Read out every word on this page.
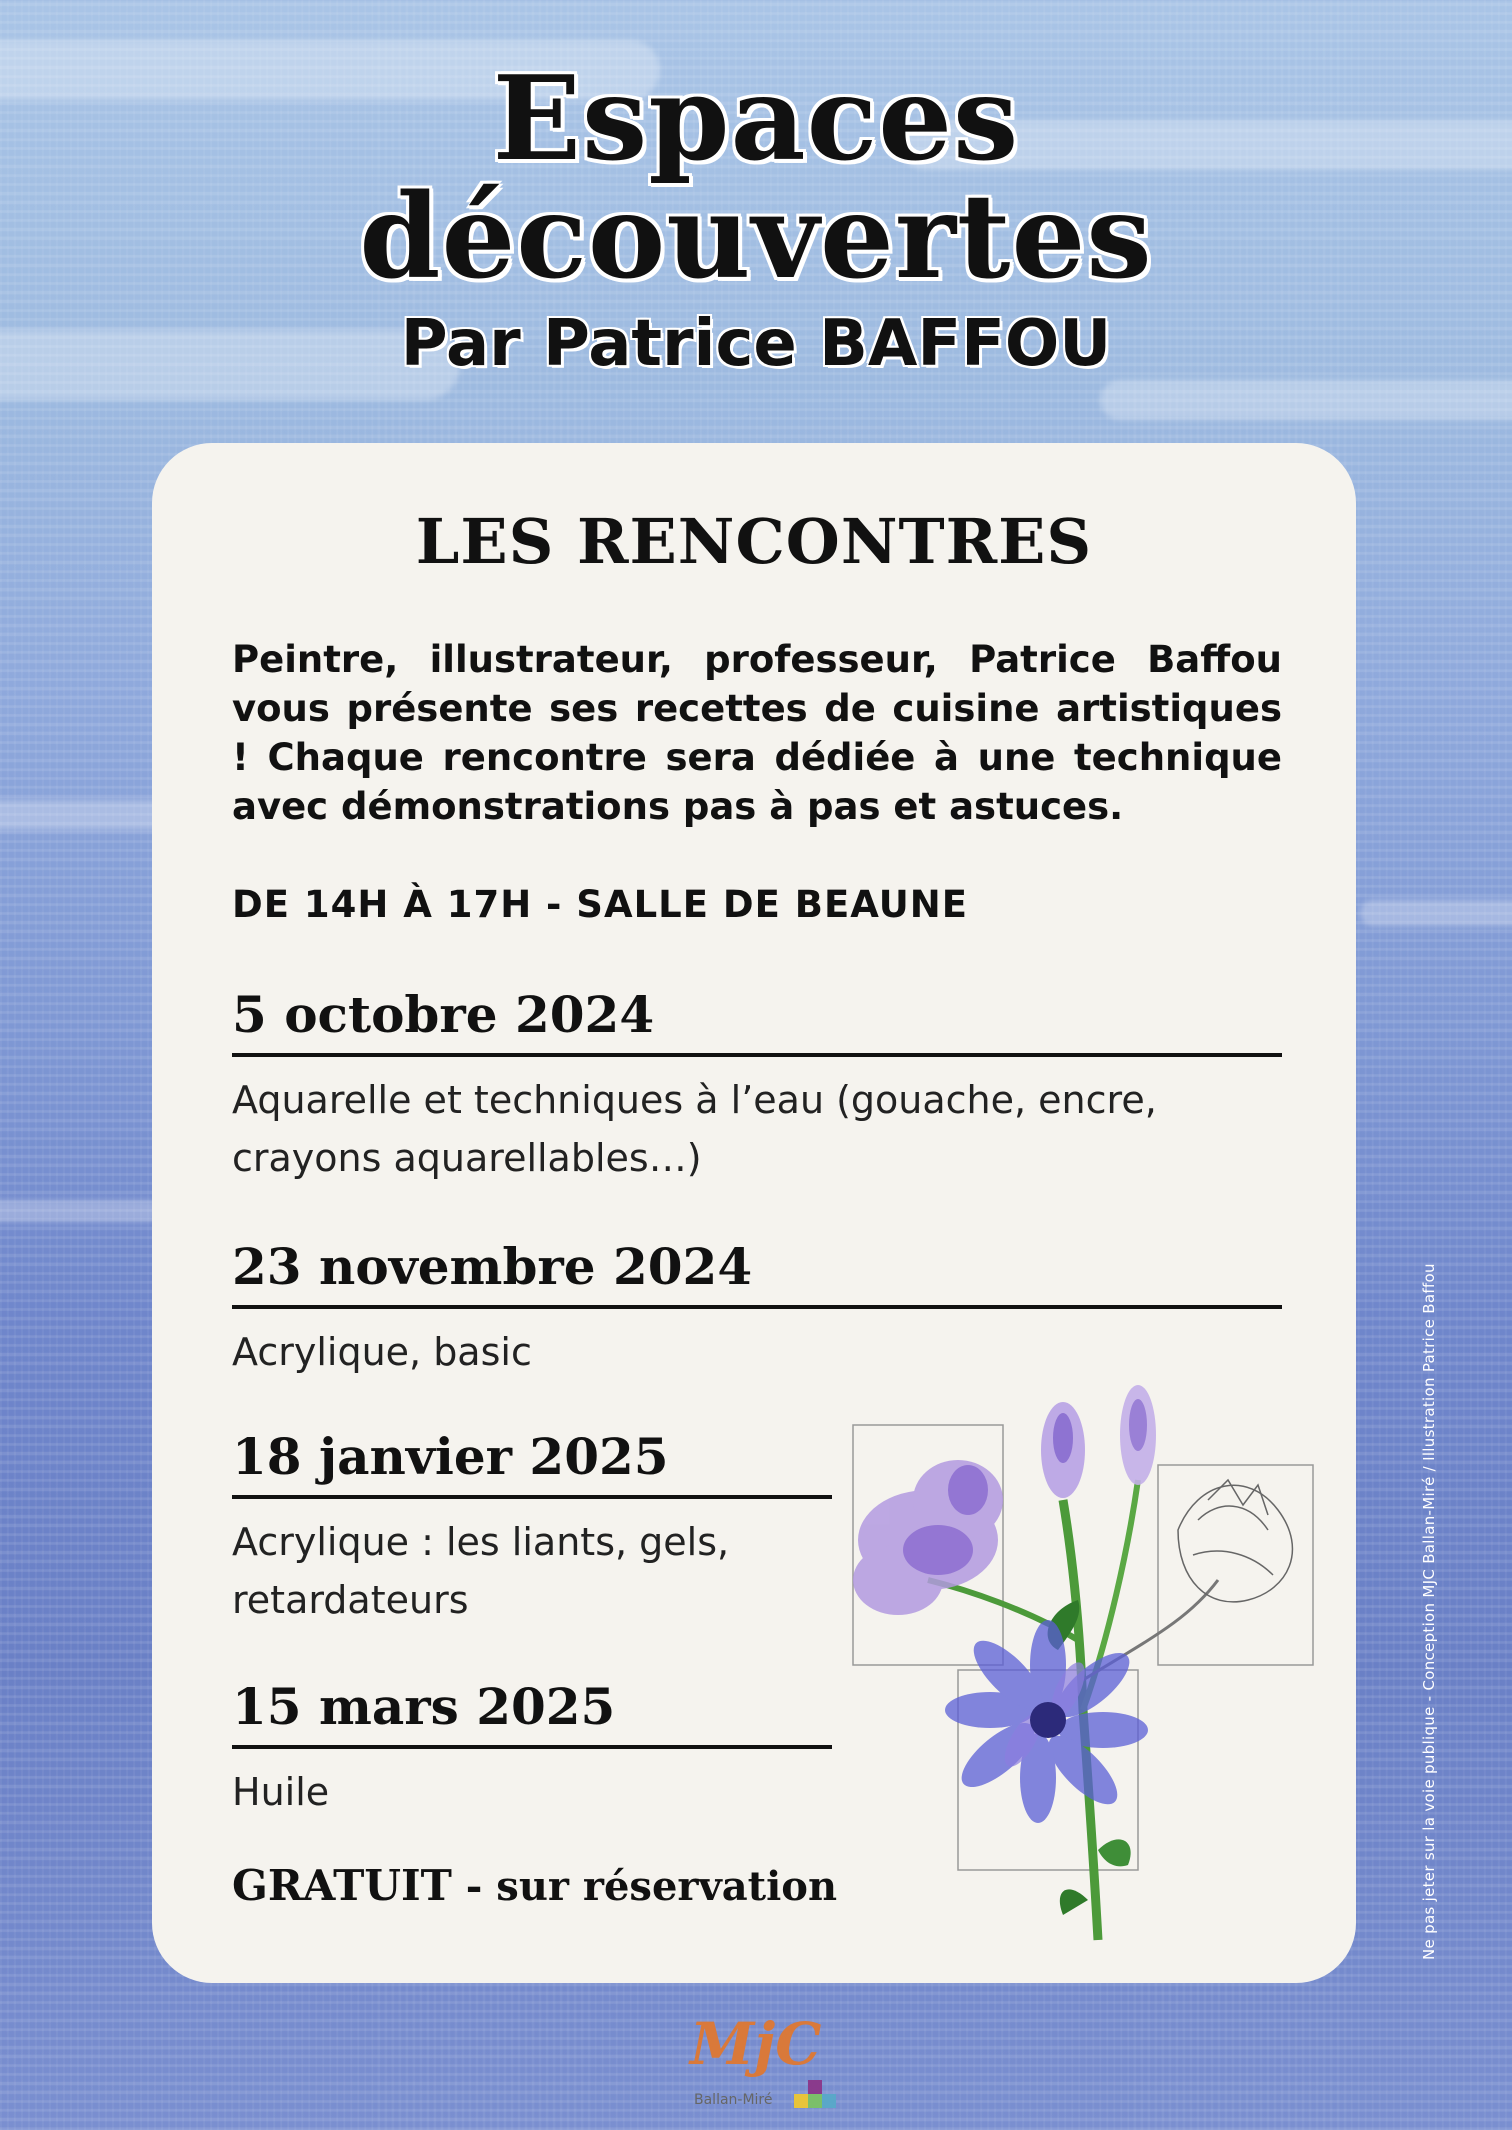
Espaces
découvertes
Par Patrice BAFFOU
LES RENCONTRES
Peintre, illustrateur, professeur, Patrice Baffou vous présente ses recettes de cuisine artistiques ! Chaque rencontre sera dédiée à une technique avec démonstrations pas à pas et astuces.
DE 14H À 17H - SALLE DE BEAUNE
5 octobre 2024
Aquarelle et techniques à l’eau (gouache, encre, crayons aquarellables…)
23 novembre 2024
Acrylique, basic
18 janvier 2025
Acrylique : les liants, gels, retardateurs
15 mars 2025
Huile
GRATUIT - sur réservation	Ne pas jeter sur la voie publique - Conception MJC Ballan-Miré / Illustration Patrice Baffou
MjC
Ballan-Miré
